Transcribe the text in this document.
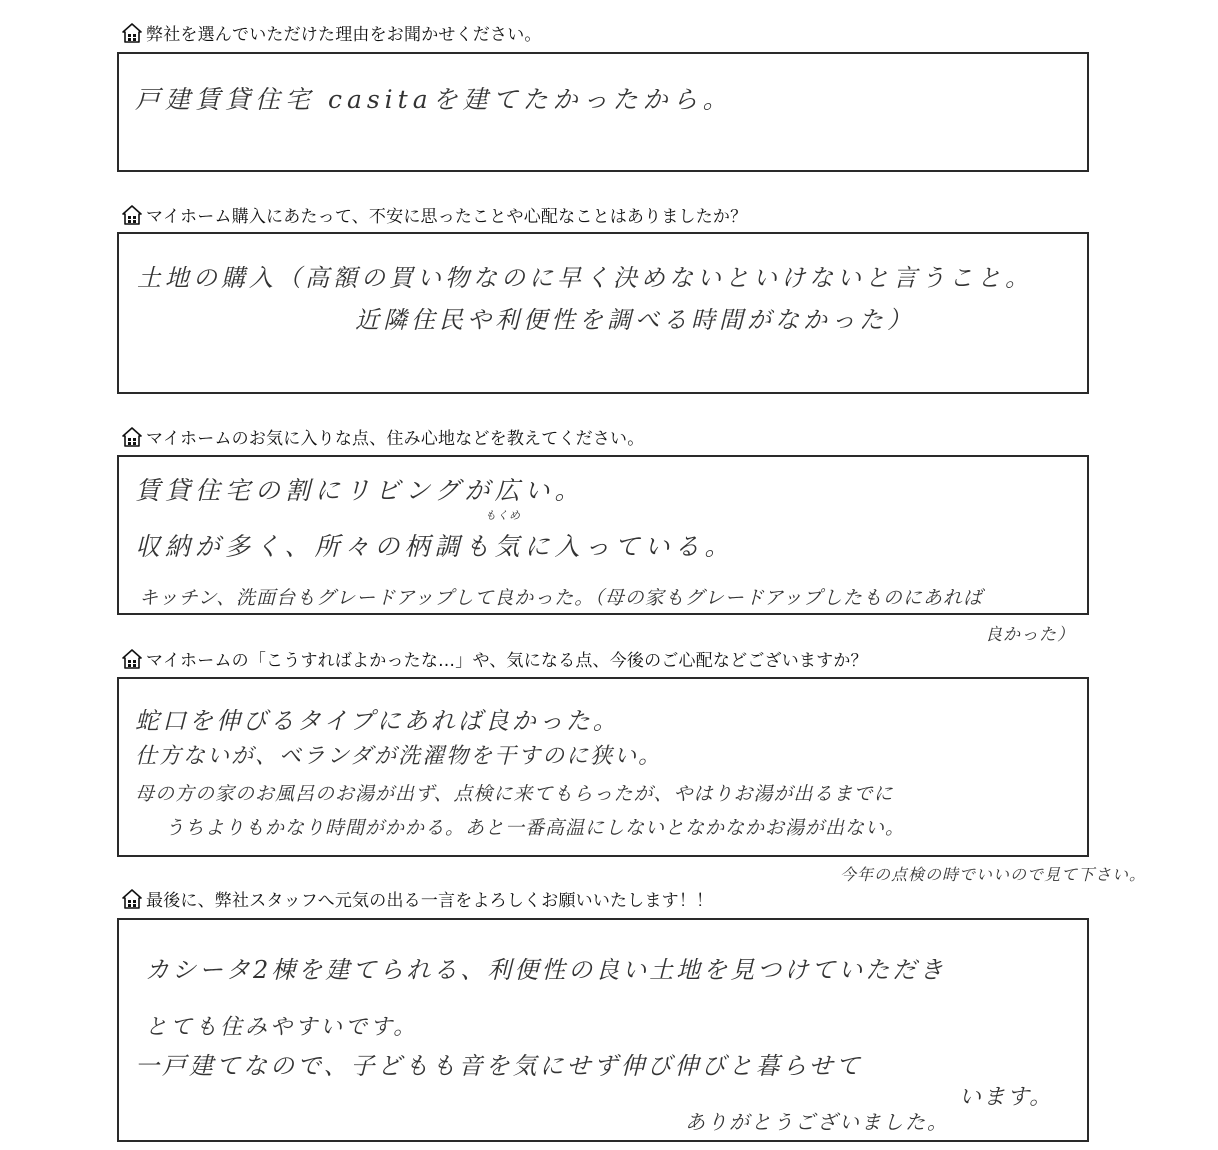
弊社を選んでいただけた理由をお聞かせください。
戸建賃貸住宅 casitaを建てたかったから。
マイホーム購入にあたって、不安に思ったことや心配なことはありましたか？
土地の購入（高額の買い物なのに早く決めないといけないと言うこと。
近隣住民や利便性を調べる時間がなかった）
マイホームのお気に入りな点、住み心地などを教えてください。
賃貸住宅の割にリビングが広い。
もくめ
収納が多く、所々の柄調も気に入っている。
キッチン、洗面台もグレードアップして良かった。（母の家もグレードアップしたものにあれば
良かった）
マイホームの「こうすればよかったな…」や、気になる点、今後のご心配などございますか？
蛇口を伸びるタイプにあれば良かった。
仕方ないが、ベランダが洗濯物を干すのに狭い。
母の方の家のお風呂のお湯が出ず、点検に来てもらったが、やはりお湯が出るまでに
うちよりもかなり時間がかかる。あと一番高温にしないとなかなかお湯が出ない。
今年の点検の時でいいので見て下さい。
最後に、弊社スタッフへ元気の出る一言をよろしくお願いいたします！！
カシータ2棟を建てられる、利便性の良い土地を見つけていただき
とても住みやすいです。
一戸建てなので、子どもも音を気にせず伸び伸びと暮らせて
います。
ありがとうございました。
